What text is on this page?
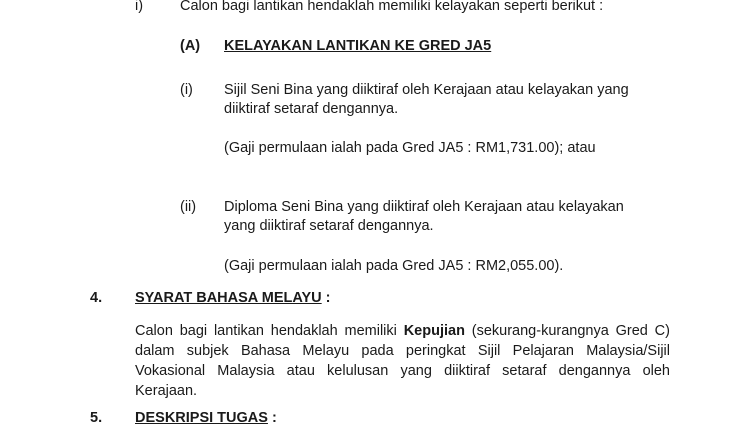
i)	Calon bagi lantikan hendaklah memiliki kelayakan seperti berikut :
(A) KELAYAKAN LANTIKAN KE GRED JA5
(i) Sijil Seni Bina yang diiktiraf oleh Kerajaan atau kelayakan yang
diiktiraf setaraf dengannya.
(Gaji permulaan ialah pada Gred JA5 : RM1,731.00); atau
(ii) Diploma Seni Bina yang diiktiraf oleh Kerajaan atau kelayakan
yang diiktiraf setaraf dengannya.
(Gaji permulaan ialah pada Gred JA5 : RM2,055.00).
4. SYARAT BAHASA MELAYU :
Calon bagi lantikan hendaklah memiliki Kepujian (sekurang-kurangnya Gred C) dalam subjek Bahasa Melayu pada peringkat Sijil Pelajaran Malaysia/Sijil Vokasional Malaysia atau kelulusan yang diiktiraf setaraf dengannya oleh Kerajaan.
5. DESKRIPSI TUGAS :
